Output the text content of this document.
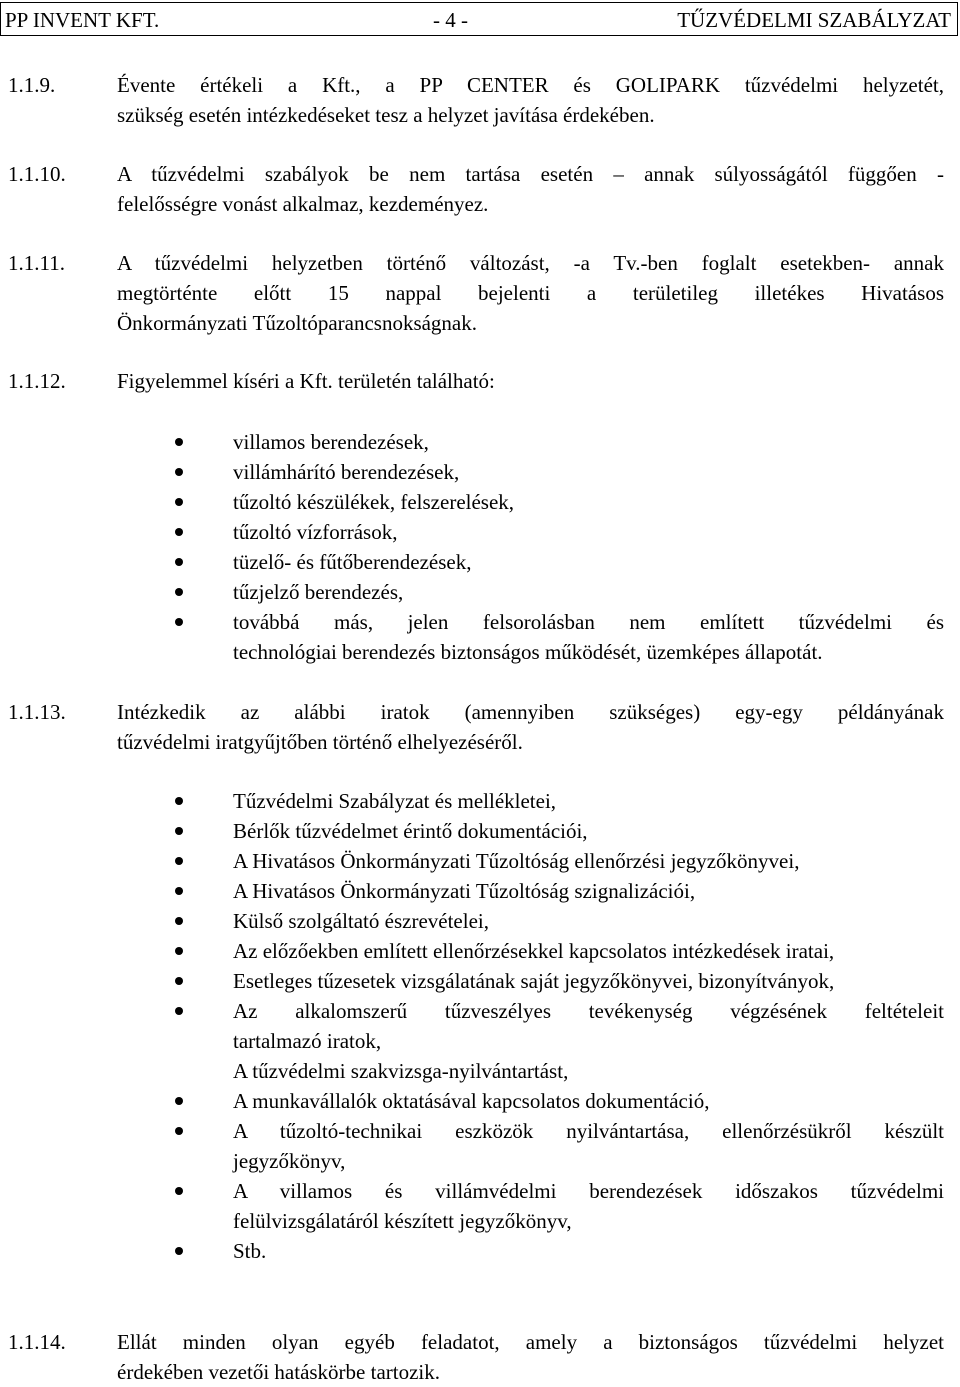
PP INVENT KFT.	- 4 -	TŰZVÉDELMI SZABÁLYZAT
1.1.9.	Évente értékeli a Kft., a PP CENTER és GOLIPARK tűzvédelmi helyzetét,
szükség esetén intézkedéseket tesz a helyzet javítása érdekében.
1.1.10. A tűzvédelmi szabályok be nem tartása esetén – annak súlyosságától függően -
felelősségre vonást alkalmaz, kezdeményez.
1.1.11. A tűzvédelmi helyzetben történő változást, -a Tv.-ben foglalt esetekben- annak
megtörténte előtt 15 nappal bejelenti a területileg illetékes Hivatásos
Önkormányzati Tűzoltóparancsnokságnak.
1.1.12. Figyelemmel kíséri a Kft. területén található:
villamos berendezések,
villámhárító berendezések,
tűzoltó készülékek, felszerelések,
tűzoltó vízforrások,
tüzelő- és fűtőberendezések,
tűzjelző berendezés,
továbbá más, jelen felsorolásban nem említett tűzvédelmi és
technológiai berendezés biztonságos működését, üzemképes állapotát.
1.1.13. Intézkedik az alábbi iratok (amennyiben szükséges) egy-egy példányának
tűzvédelmi iratgyűjtőben történő elhelyezéséről.
Tűzvédelmi Szabályzat és mellékletei,
Bérlők tűzvédelmet érintő dokumentációi,
A Hivatásos Önkormányzati Tűzoltóság ellenőrzési jegyzőkönyvei,
A Hivatásos Önkormányzati Tűzoltóság szignalizációi,
Külső szolgáltató észrevételei,
Az előzőekben említett ellenőrzésekkel kapcsolatos intézkedések iratai,
Esetleges tűzesetek vizsgálatának saját jegyzőkönyvei, bizonyítványok,
Az alkalomszerű tűzveszélyes tevékenység végzésének feltételeit
tartalmazó iratok,
A tűzvédelmi szakvizsga-nyilvántartást,
A munkavállalók oktatásával kapcsolatos dokumentáció,
A tűzoltó-technikai eszközök nyilvántartása, ellenőrzésükről készült
jegyzőkönyv,
A villamos és villámvédelmi berendezések időszakos tűzvédelmi
felülvizsgálatáról készített jegyzőkönyv,
Stb.
1.1.14. Ellát minden olyan egyéb feladatot, amely a biztonságos tűzvédelmi helyzet
érdekében vezetői hatáskörbe tartozik.
